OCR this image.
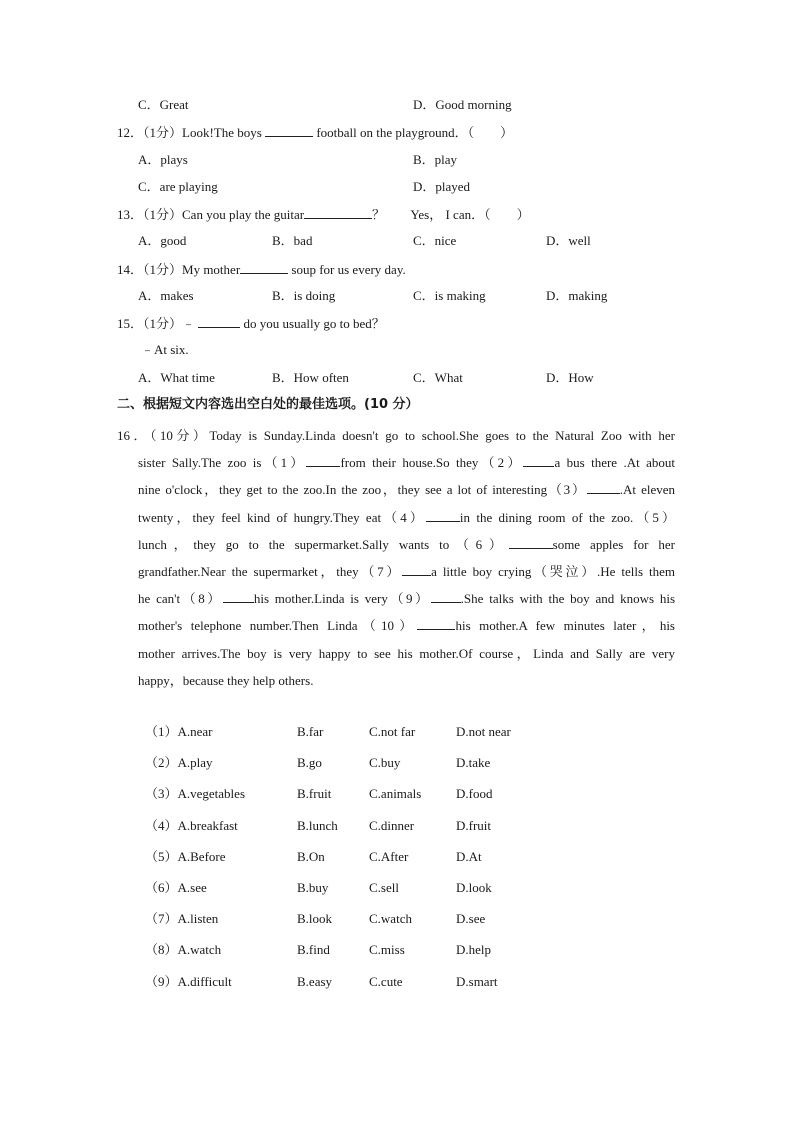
C．Great	D．Good morning
12．（1分）Look!The boys	football on the playground．（ ）
A．plays	B．play
C．are playing	D．played
13．（1分）Can you play the guitar	？ Yes， I can．（ ）
A．good	B．bad	C．nice	D．well
14．（1分）My mother	soup for us every day.
A．makes	B．is doing	C．is making	D．making
15．（1分）﹣	do you usually go to bed？
﹣At six.
A．What time	B．How often	C．What	D．How
二、根据短文内容选出空白处的最佳选项。(10 分）
16．（10分）Today is Sunday.Linda doesn't go to school.She goes to the Natural Zoo with her
sister Sally.The zoo is（1）	from their house.So they（2） a bus there .At about
nine o'clock，they get to the zoo.In the zoo，they see a lot of interesting（3）	.At eleven
twenty，they feel kind of hungry.They eat（4）	in the dining room of the zoo.（5）
lunch，they go to the supermarket.Sally wants to（6）	some apples for her
grandfather.Near the supermarket，they（7） a little boy crying（哭泣）.He tells them
he can't（8） his mother.Linda is very（9） .She talks with the boy and knows his
mother's telephone number.Then Linda（10）	his mother.A few minutes later，his
mother arrives.The boy is very happy to see his mother.Of course，Linda and Sally are very
happy，because they help others.
（1）A.near	B.far	C.not far	D.not near
（2）A.play	B.go	C.buy	D.take
（3）A.vegetables	B.fruit	C.animals	D.food
（4）A.breakfast	B.lunch C.dinner	D.fruit
（5）A.Before	B.On	C.After	D.At
（6）A.see	B.buy	C.sell	D.look
（7）A.listen	B.look	C.watch	D.see
（8）A.watch	B.find	C.miss	D.help
（9）A.difficult	B.easy	C.cute	D.smart
